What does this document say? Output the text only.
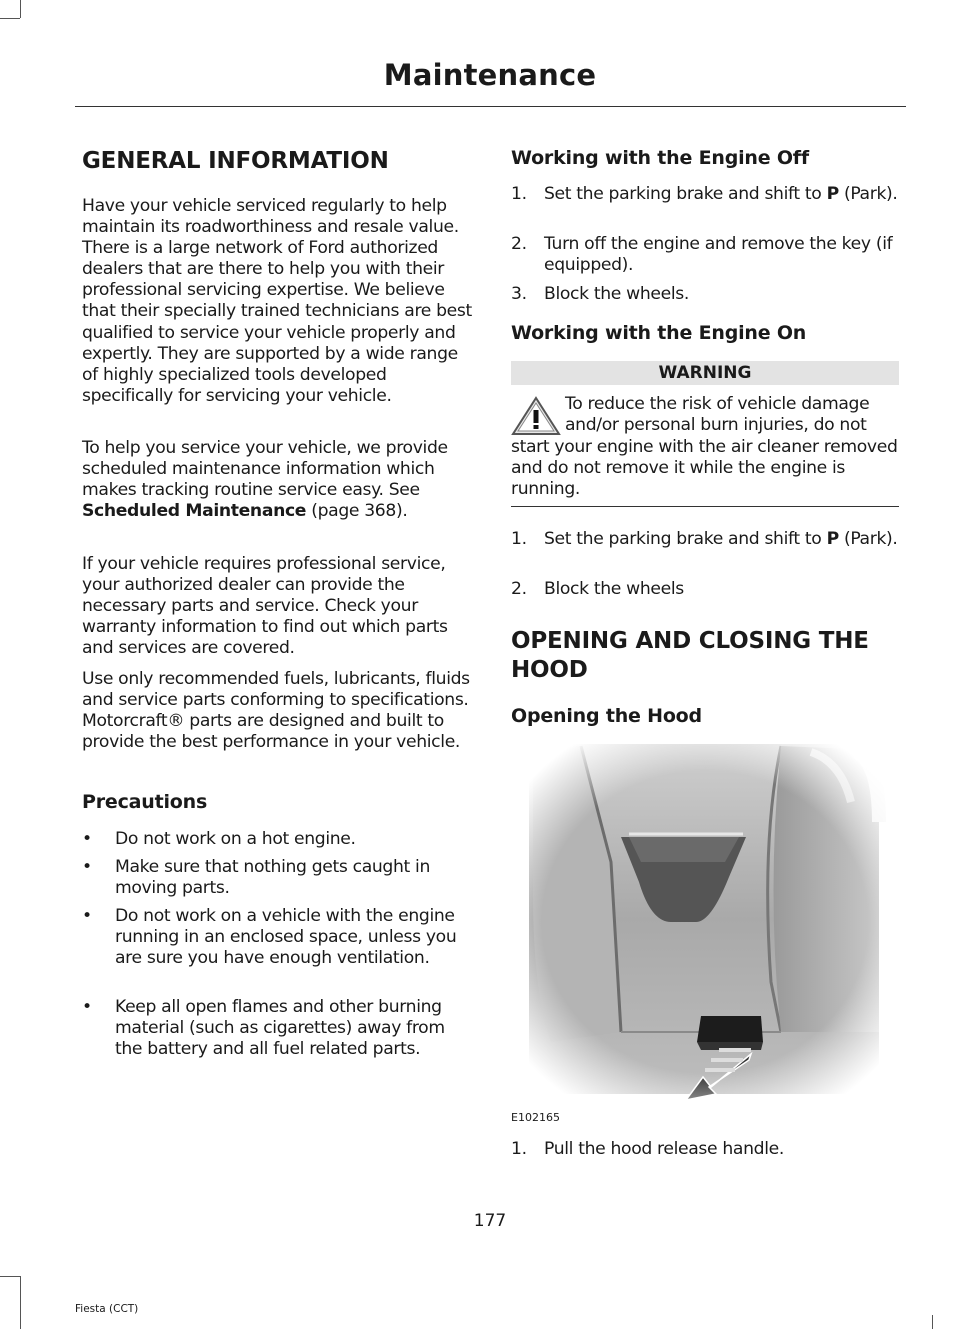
Maintenance
GENERAL INFORMATION

Have your vehicle serviced regularly to help maintain its roadworthiness and resale value. There is a large network of Ford authorized dealers that are there to help you with their professional servicing expertise. We believe that their specially trained technicians are best qualified to service your vehicle properly and expertly. They are supported by a wide range of highly specialized tools developed specifically for servicing your vehicle.

To help you service your vehicle, we provide scheduled maintenance information which makes tracking routine service easy. See Scheduled Maintenance (page 368).

If your vehicle requires professional service, your authorized dealer can provide the necessary parts and service. Check your warranty information to find out which parts and services are covered.

Use only recommended fuels, lubricants, fluids and service parts conforming to specifications. Motorcraft® parts are designed and built to provide the best performance in your vehicle.

Precautions
• Do not work on a hot engine.
• Make sure that nothing gets caught in moving parts.
• Do not work on a vehicle with the engine running in an enclosed space, unless you are sure you have enough ventilation.
• Keep all open flames and other burning material (such as cigarettes) away from the battery and all fuel related parts.
Working with the Engine Off
1. Set the parking brake and shift to P (Park).
2. Turn off the engine and remove the key (if equipped).
3. Block the wheels.
Working with the Engine On
WARNING
To reduce the risk of vehicle damage and/or personal burn injuries, do not start your engine with the air cleaner removed and do not remove it while the engine is running.
1. Set the parking brake and shift to P (Park).
2. Block the wheels
OPENING AND CLOSING THE HOOD
Opening the Hood
E102165
1. Pull the hood release handle.
177
Fiesta (CCT)
